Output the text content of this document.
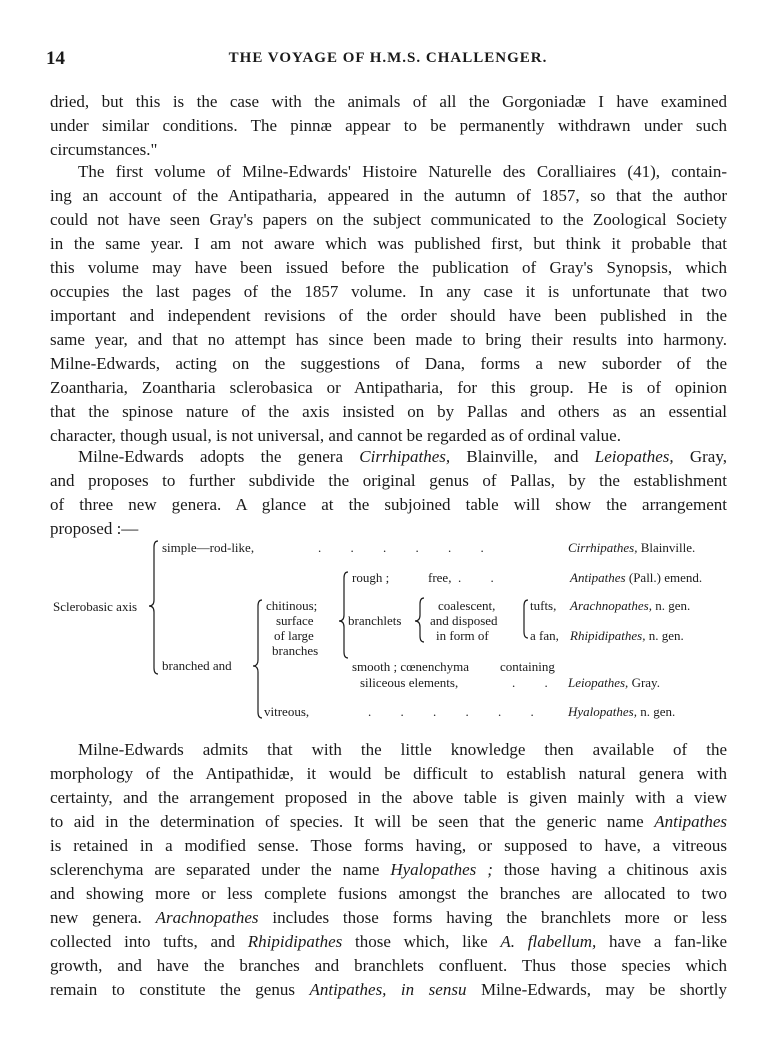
14	THE VOYAGE OF H.M.S. CHALLENGER.
dried, but this is the case with the animals of all the Gorgoniadæ I have examined
under similar conditions. The pinnæ appear to be permanently withdrawn under such
circumstances."
The first volume of Milne-Edwards' Histoire Naturelle des Coralliaires (41), contain-
ing an account of the Antipatharia, appeared in the autumn of 1857, so that the author
could not have seen Gray's papers on the subject communicated to the Zoological Society
in the same year. I am not aware which was published first, but think it probable that
this volume may have been issued before the publication of Gray's Synopsis, which
occupies the last pages of the 1857 volume. In any case it is unfortunate that two
important and independent revisions of the order should have been published in the
same year, and that no attempt has since been made to bring their results into harmony.
Milne-Edwards, acting on the suggestions of Dana, forms a new suborder of the
Zoantharia, Zoantharia sclerobasica or Antipatharia, for this group. He is of opinion
that the spinose nature of the axis insisted on by Pallas and others as an essential
character, though usual, is not universal, and cannot be regarded as of ordinal value.
Milne-Edwards adopts the genera Cirrhipathes, Blainville, and Leiopathes, Gray,
and proposes to further subdivide the original genus of Pallas, by the establishment
of three new genera. A glance at the subjoined table will show the arrangement
proposed :—
Sclerobasic axis
simple—rod-like,
branched and
chitinous;
surface
of large
branches
vitreous,
rough ;
branchlets
smooth ; cœnenchyma containing
siliceous elements,
free,
coalescent,
and disposed
in form of
tufts,
a fan,
.         .         .         .         .         .
.         .
.         .
.         .         .         .         .         .
Cirrhipathes, Blainville.
Antipathes (Pall.) emend.
Arachnopathes, n. gen.
Rhipidipathes, n. gen.
Leiopathes, Gray.
Hyalopathes, n. gen.
Milne-Edwards admits that with the little knowledge then available of the
morphology of the Antipathidæ, it would be difficult to establish natural genera with
certainty, and the arrangement proposed in the above table is given mainly with a view
to aid in the determination of species. It will be seen that the generic name Antipathes
is retained in a modified sense. Those forms having, or supposed to have, a vitreous
sclerenchyma are separated under the name Hyalopathes ; those having a chitinous axis
and showing more or less complete fusions amongst the branches are allocated to two
new genera. Arachnopathes includes those forms having the branchlets more or less
collected into tufts, and Rhipidipathes those which, like A. flabellum, have a fan-like
growth, and have the branches and branchlets confluent. Thus those species which
remain to constitute the genus Antipathes, in sensu Milne-Edwards, may be shortly
